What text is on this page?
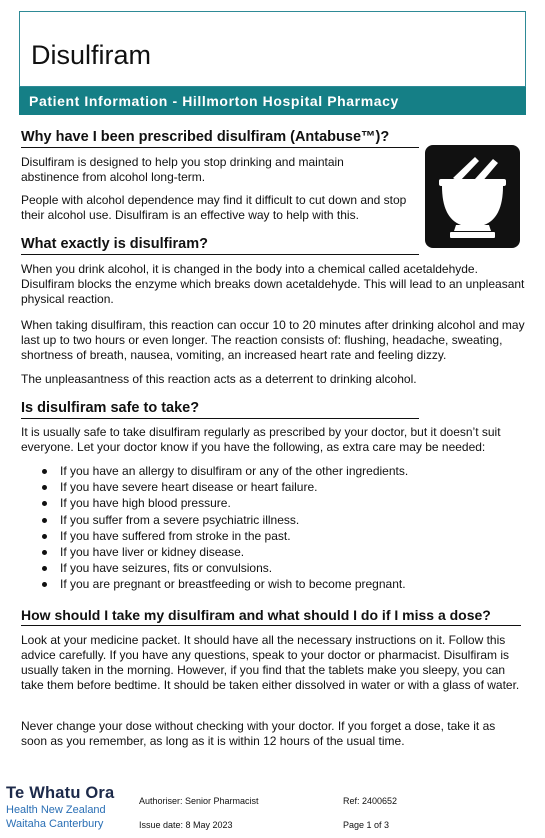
Disulfiram
Patient Information - Hillmorton Hospital Pharmacy
Why have I been prescribed disulfiram (Antabuse™)?

Disulfiram is designed to help you stop drinking and maintain abstinence from alcohol long-term.

People with alcohol dependence may find it difficult to cut down and stop their alcohol use. Disulfiram is an effective way to help with this.

What exactly is disulfiram?

When you drink alcohol, it is changed in the body into a chemical called acetaldehyde. Disulfiram blocks the enzyme which breaks down acetaldehyde. This will lead to an unpleasant physical reaction.

When taking disulfiram, this reaction can occur 10 to 20 minutes after drinking alcohol and may last up to two hours or even longer. The reaction consists of: flushing, headache, sweating, shortness of breath, nausea, vomiting, an increased heart rate and feeling dizzy.

The unpleasantness of this reaction acts as a deterrent to drinking alcohol.

Is disulfiram safe to take?

It is usually safe to take disulfiram regularly as prescribed by your doctor, but it doesn’t suit everyone. Let your doctor know if you have the following, as extra care may be needed:

If you have an allergy to disulfiram or any of the other ingredients.
If you have severe heart disease or heart failure.
If you have high blood pressure.
If you suffer from a severe psychiatric illness.
If you have suffered from stroke in the past.
If you have liver or kidney disease.
If you have seizures, fits or convulsions.
If you are pregnant or breastfeeding or wish to become pregnant.
How should I take my disulfiram and what should I do if I miss a dose?

Look at your medicine packet. It should have all the necessary instructions on it. Follow this advice carefully. If you have any questions, speak to your doctor or pharmacist. Disulfiram is usually taken in the morning. However, if you find that the tablets make you sleepy, you can take them before bedtime. It should be taken either dissolved in water or with a glass of water.

Never change your dose without checking with your doctor. If you forget a dose, take it as soon as you remember, as long as it is within 12 hours of the usual time.

Te Whatu Ora
Health New Zealand
Waitaha Canterbury
Authoriser: Senior Pharmacist	Ref: 2400652
Issue date: 8 May 2023	Page 1 of 3
